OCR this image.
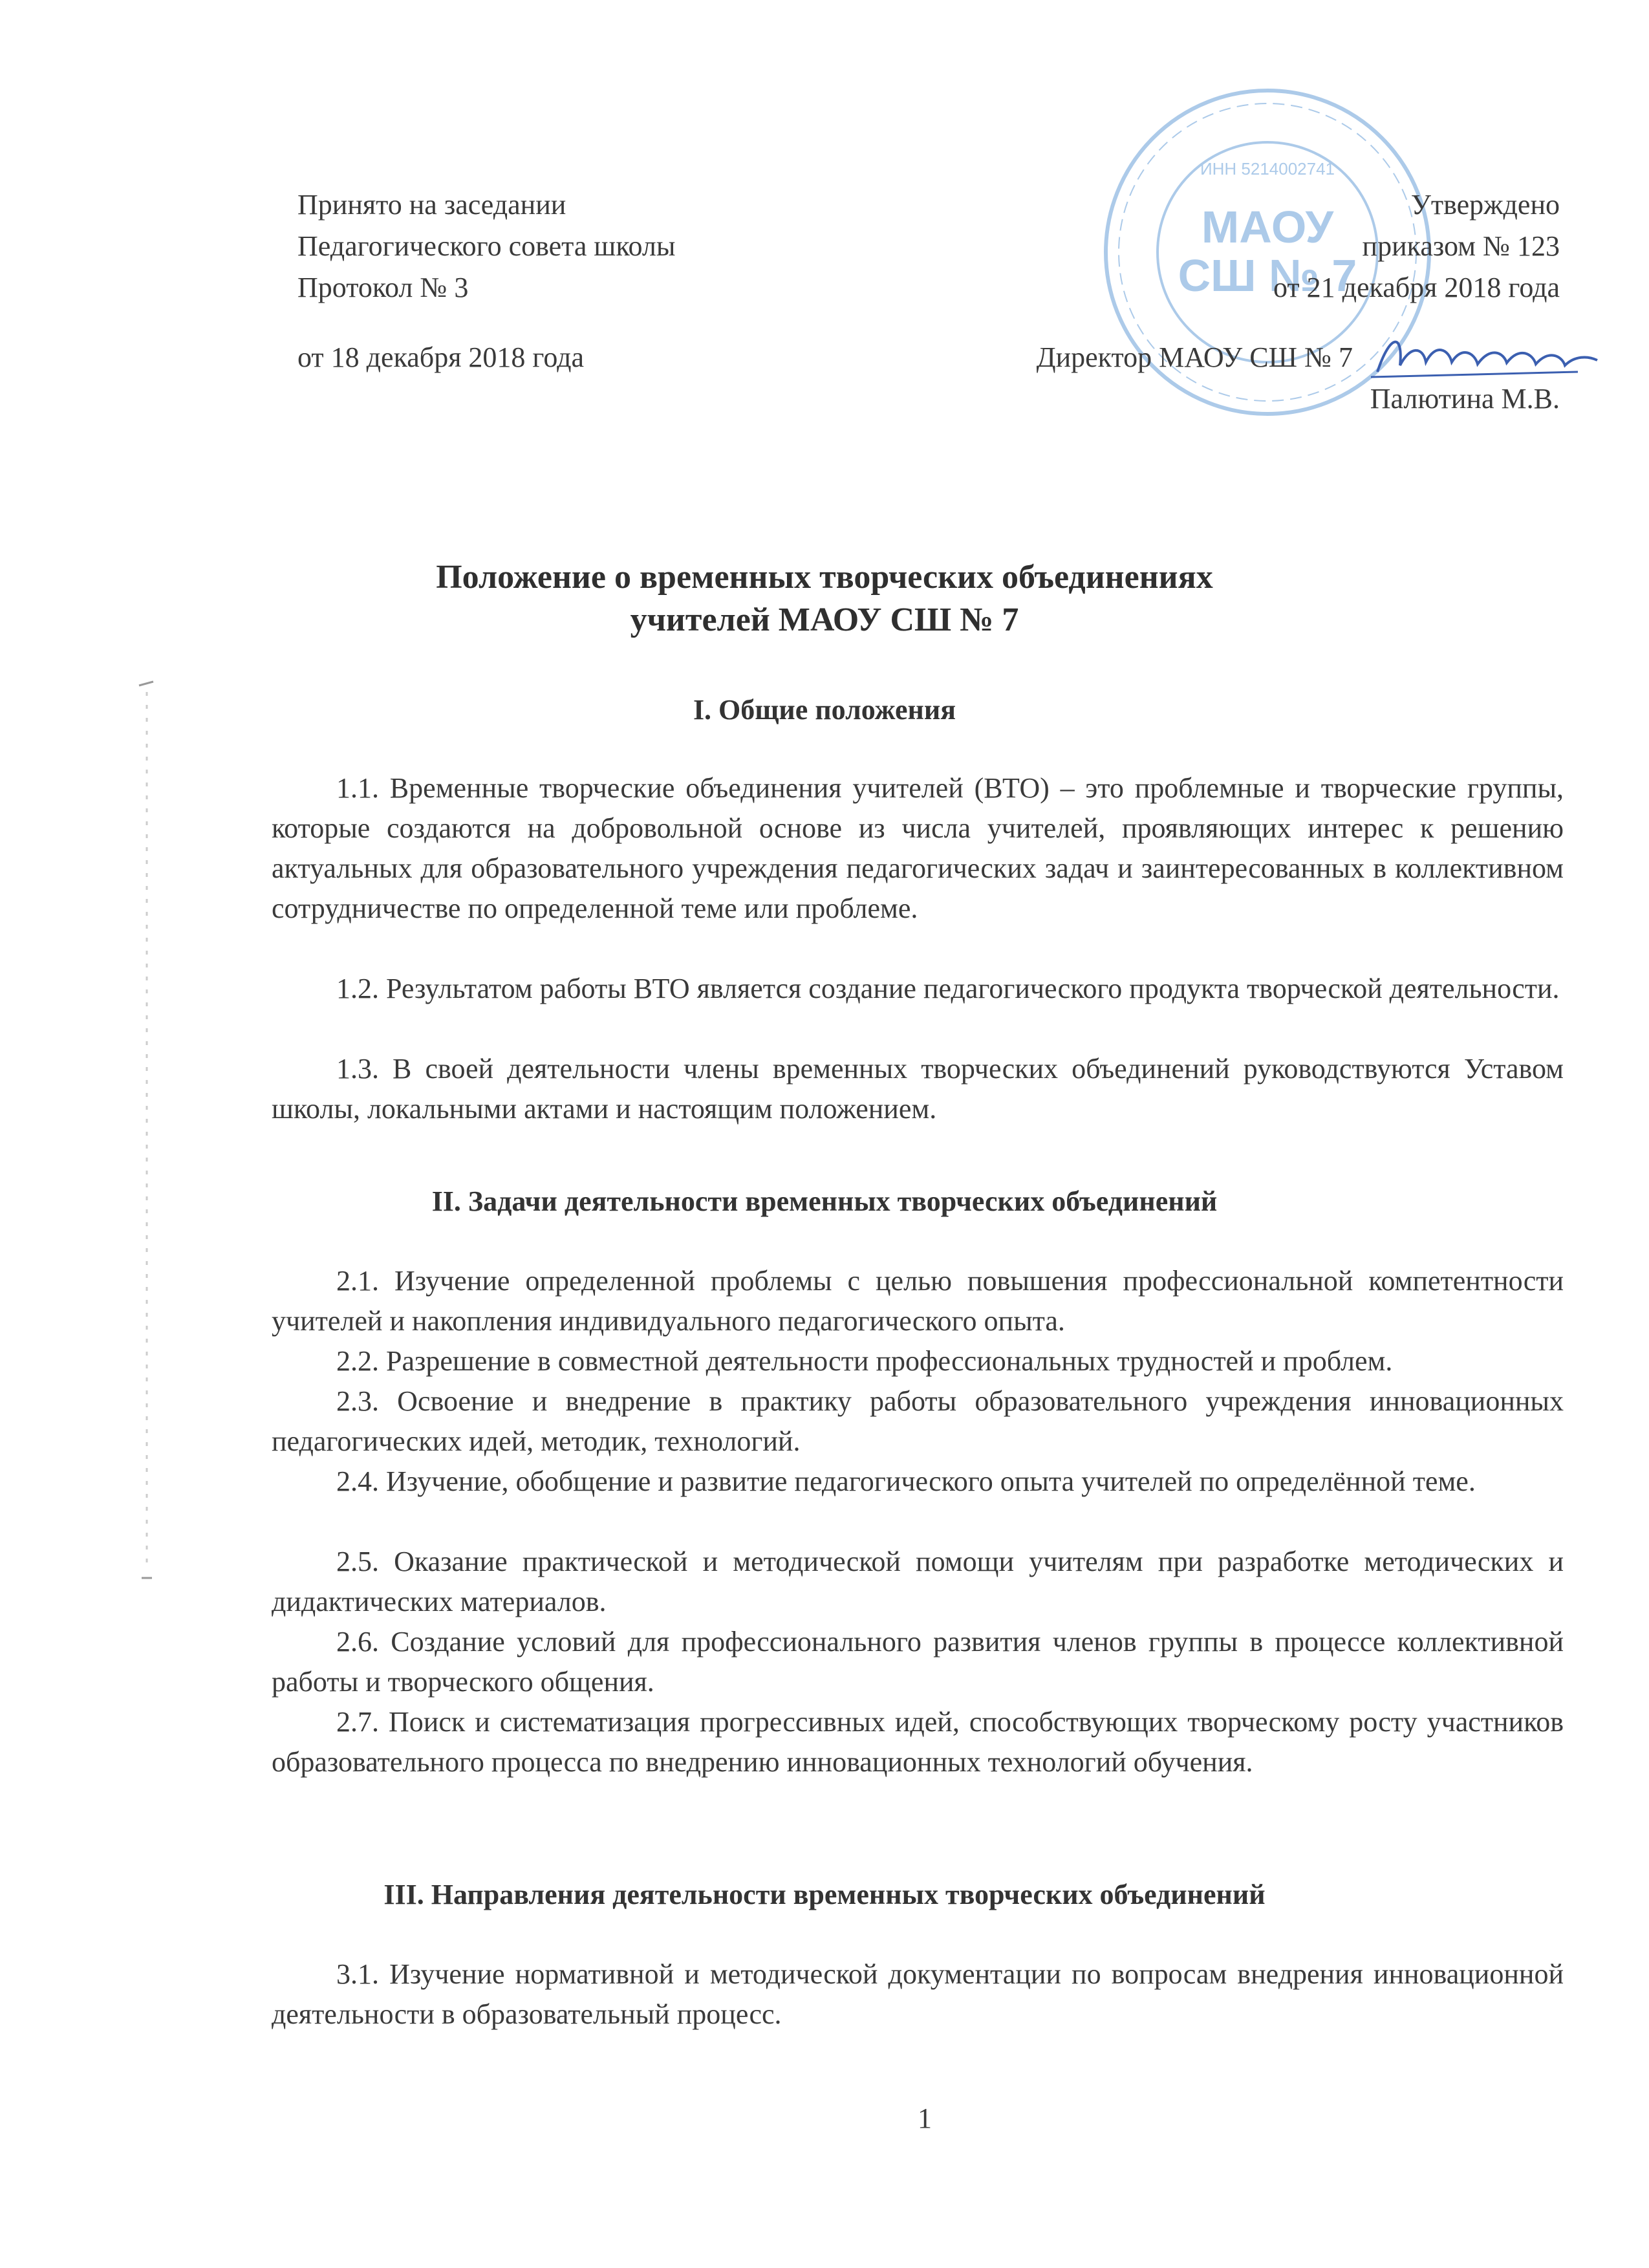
МАОУ
СШ № 7
ИНН 5214002741
Принято на заседании
Педагогического совета школы
Протокол № 3
от 18 декабря 2018 года
Утверждено
приказом № 123
от 21 декабря 2018 года
Директор МАОУ СШ № 7
Палютина М.В.
Положение о временных творческих объединениях
учителей МАОУ СШ № 7
I. Общие положения
1.1. Временные творческие объединения учителей (ВТО) – это проблемные и творческие группы, которые создаются на добровольной основе из числа учителей, проявляющих интерес к решению актуальных для образовательного учреждения педагогических задач и заинтересованных в коллективном сотрудничестве по определенной теме или проблеме.
1.2. Результатом работы ВТО является создание педагогического продукта творческой деятельности.
1.3. В своей деятельности члены временных творческих объединений руководствуются Уставом школы, локальными актами и настоящим положением.
II. Задачи деятельности временных творческих объединений
2.1. Изучение определенной проблемы с целью повышения профессиональной компетентности учителей и накопления индивидуального педагогического опыта.
2.2. Разрешение в совместной деятельности профессиональных трудностей и проблем.
2.3. Освоение и внедрение в практику работы образовательного учреждения инновационных педагогических идей, методик, технологий.
2.4. Изучение, обобщение и развитие педагогического опыта учителей по определённой теме.
2.5. Оказание практической и методической помощи учителям при разработке методических и дидактических материалов.
2.6. Создание условий для профессионального развития членов группы в процессе коллективной работы и творческого общения.
2.7. Поиск и систематизация прогрессивных идей, способствующих творческому росту участников образовательного процесса по внедрению инновационных технологий обучения.
III. Направления деятельности временных творческих объединений
3.1. Изучение нормативной и методической документации по вопросам внедрения инновационной деятельности в образовательный процесс.
1
